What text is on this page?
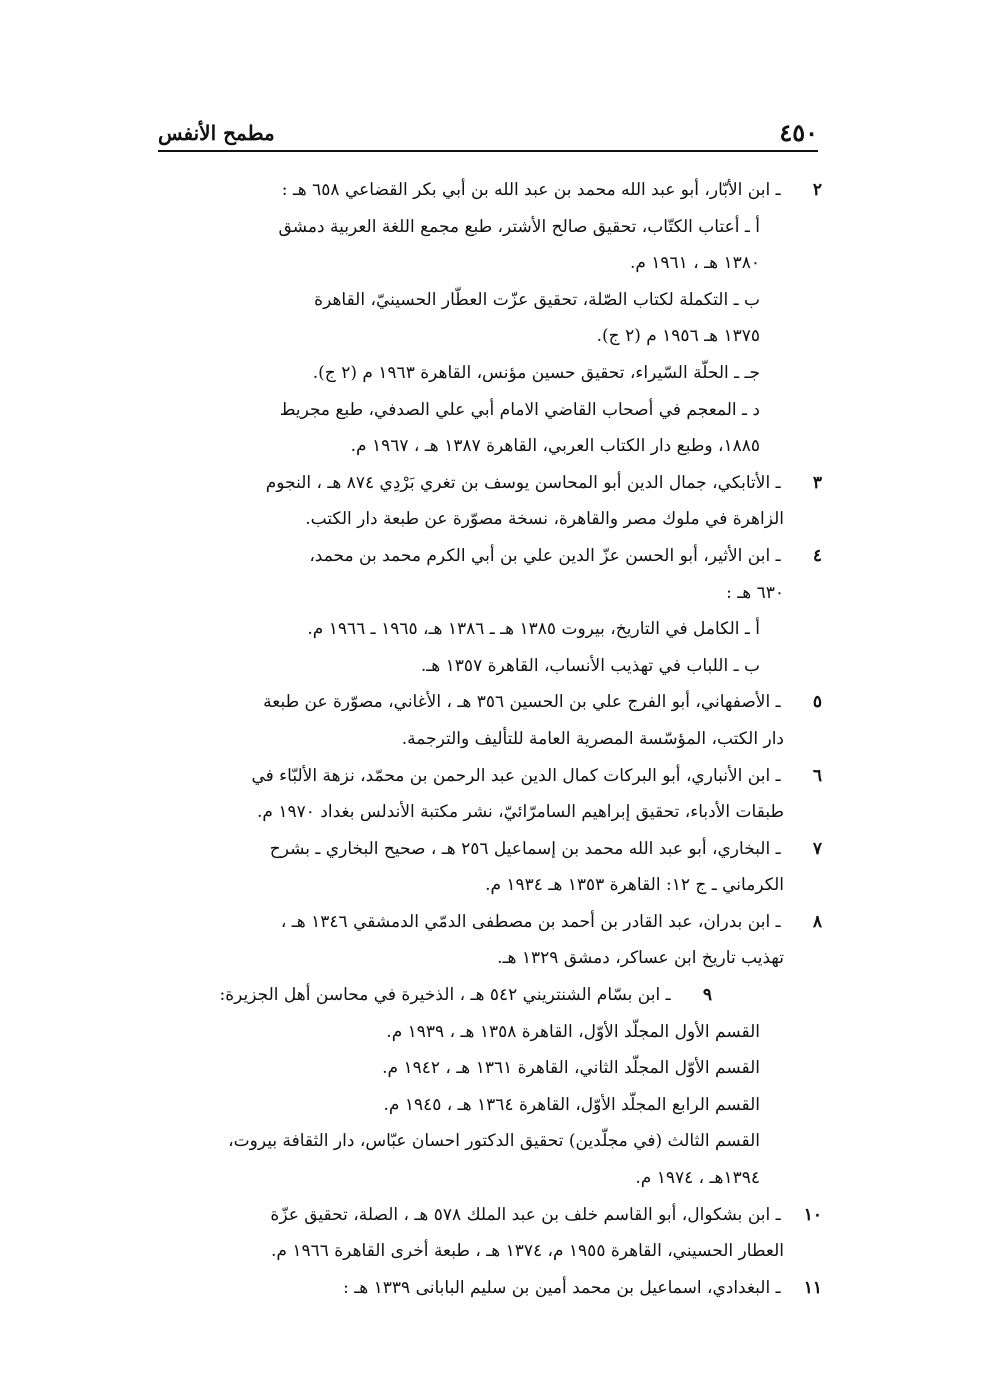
٤٥٠
مطمح الأنفس
٢ ـ ابن الأبّار، أبو عبد الله محمد بن عبد الله بن أبي بكر القضاعي ٦٥٨ هـ :
أ ـ أعتاب الكتّاب، تحقيق صالح الأشتر، طبع مجمع اللغة العربية دمشق
١٣٨٠ هـ ، ١٩٦١ م.
ب ـ التكملة لكتاب الصّلة، تحقيق عزّت العطّار الحسينيّ، القاهرة
١٣٧٥ هـ ١٩٥٦ م (٢ ج).
جـ ـ الحلّة السّيراء، تحقيق حسين مؤنس، القاهرة ١٩٦٣ م (٢ ج).
د ـ المعجم في أصحاب القاضي الامام أبي علي الصدفي، طبع مجريط
١٨٨٥، وطبع دار الكتاب العربي، القاهرة ١٣٨٧ هـ ، ١٩٦٧ م.
٣ ـ الأتابكي، جمال الدين أبو المحاسن يوسف بن تغري بَرْدِي ٨٧٤ هـ ، النجوم
الزاهرة في ملوك مصر والقاهرة، نسخة مصوّرة عن طبعة دار الكتب.
٤ ـ ابن الأثير، أبو الحسن عزّ الدين علي بن أبي الكرم محمد بن محمد،
٦٣٠ هـ :
أ ـ الكامل في التاريخ، بيروت ١٣٨٥ هـ ـ ١٣٨٦ هـ، ١٩٦٥ ـ ١٩٦٦ م.
ب ـ اللباب في تهذيب الأنساب، القاهرة ١٣٥٧ هـ.
٥ ـ الأصفهاني، أبو الفرج علي بن الحسين ٣٥٦ هـ ، الأغاني، مصوّرة عن طبعة
دار الكتب، المؤسّسة المصرية العامة للتأليف والترجمة.
٦ ـ ابن الأنباري، أبو البركات كمال الدين عبد الرحمن بن محمّد، نزهة الألبّاء في
طبقات الأدباء، تحقيق إبراهيم السامرّائيّ، نشر مكتبة الأندلس بغداد ١٩٧٠ م.
٧ ـ البخاري، أبو عبد الله محمد بن إسماعيل ٢٥٦ هـ ، صحيح البخاري ـ بشرح
الكرماني ـ ج ١٢: القاهرة ١٣٥٣ هـ ١٩٣٤ م.
٨ ـ ابن بدران، عبد القادر بن أحمد بن مصطفى الدمّي الدمشقي ١٣٤٦ هـ ،
تهذيب تاريخ ابن عساكر، دمشق ١٣٢٩ هـ.
٩ ـ ابن بسّام الشنتريني ٥٤٢ هـ ، الذخيرة في محاسن أهل الجزيرة:
القسم الأول المجلّد الأوّل، القاهرة ١٣٥٨ هـ ، ١٩٣٩ م.
القسم الأوّل المجلّد الثاني، القاهرة ١٣٦١ هـ ، ١٩٤٢ م.
القسم الرابع المجلّد الأوّل، القاهرة ١٣٦٤ هـ ، ١٩٤٥ م.
القسم الثالث (في مجلّدين) تحقيق الدكتور احسان عبّاس، دار الثقافة بيروت،
١٣٩٤هـ ، ١٩٧٤ م.
١٠ ـ ابن بشكوال، أبو القاسم خلف بن عبد الملك ٥٧٨ هـ ، الصلة، تحقيق عزّة
العطار الحسيني، القاهرة ١٩٥٥ م، ١٣٧٤ هـ ، طبعة أخرى القاهرة ١٩٦٦ م.
١١ ـ البغدادي، اسماعيل بن محمد أمين بن سليم البابانى ١٣٣٩ هـ :
